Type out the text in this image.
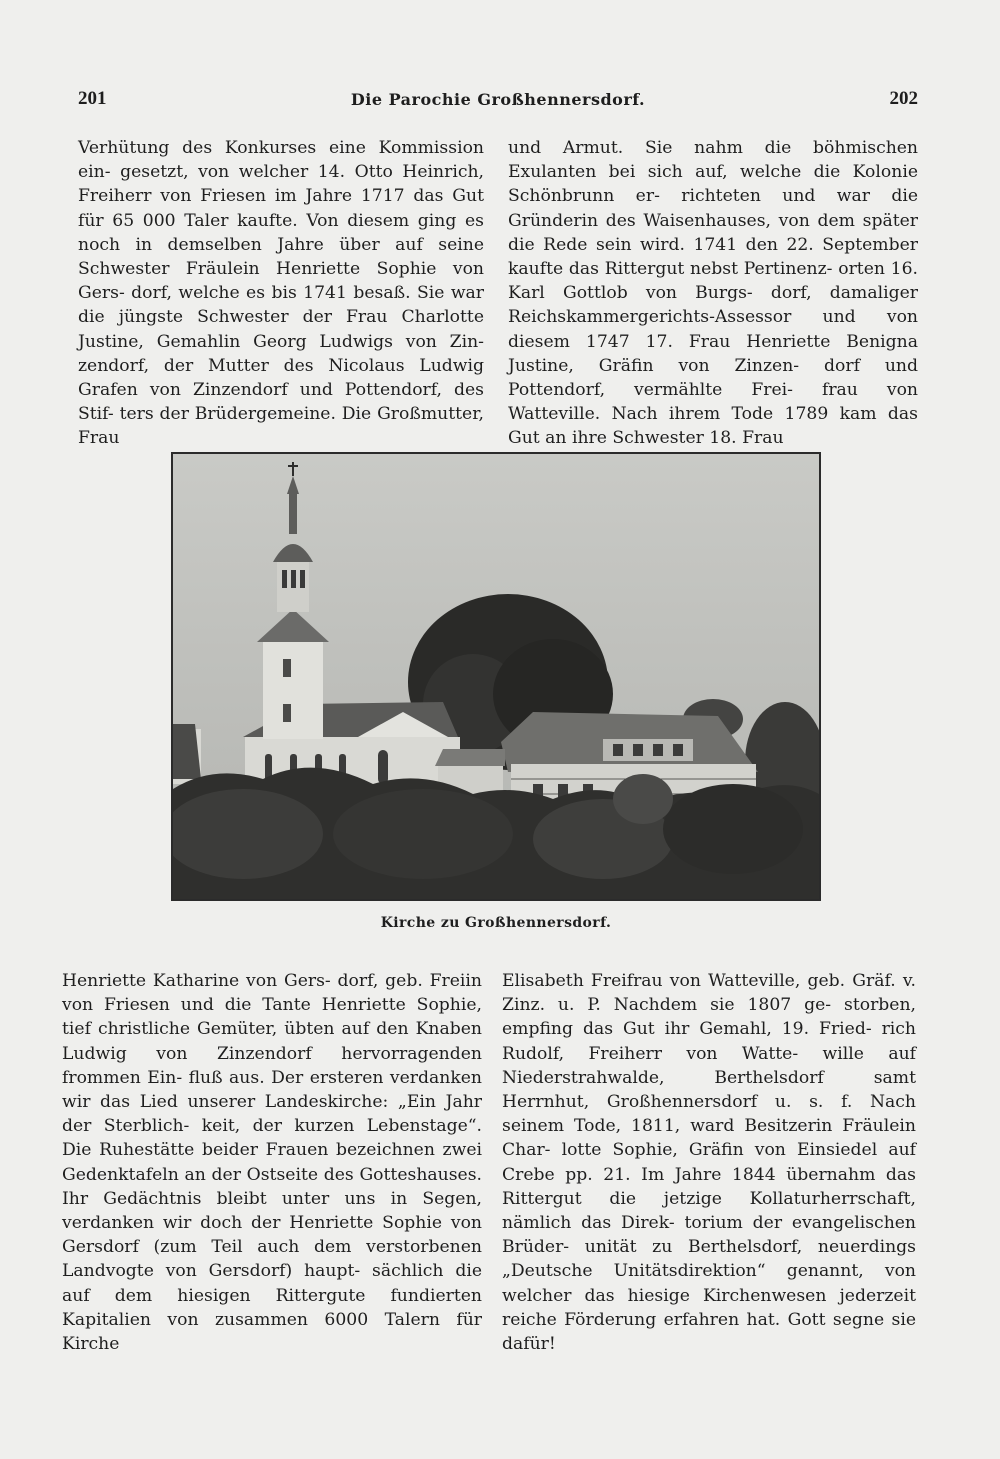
201	Die Parochie Großhennersdorf.	202

Verhütung des Konkurses eine Kommission ein- gesetzt, von welcher 14. Otto Heinrich, Freiherr von Friesen im Jahre 1717 das Gut für 65 000 Taler kaufte. Von diesem ging es noch in demselben Jahre über auf seine Schwester Fräulein Henriette Sophie von Gers- dorf, welche es bis 1741 besaß. Sie war die jüngste Schwester der Frau Charlotte Justine, Gemahlin Georg Ludwigs von Zin- zendorf, der Mutter des Nicolaus Ludwig Grafen von Zinzendorf und Pottendorf, des Stif- ters der Brüdergemeine. Die Großmutter, Frau

und Armut. Sie nahm die böhmischen Exulanten bei sich auf, welche die Kolonie Schönbrunn er- richteten und war die Gründerin des Waisenhauses, von dem später die Rede sein wird. 1741 den 22. September kaufte das Rittergut nebst Pertinenz- orten 16. Karl Gottlob von Burgs- dorf, damaliger Reichskammergerichts-Assessor und von diesem 1747 17. Frau Henriette Benigna Justine, Gräfin von Zinzen- dorf und Pottendorf, vermählte Frei- frau von Watteville. Nach ihrem Tode 1789 kam das Gut an ihre Schwester 18. Frau

Kirche zu Großhennersdorf.

Henriette Katharine von Gers- dorf, geb. Freiin von Friesen und die Tante Henriette Sophie, tief christliche Gemüter, übten auf den Knaben Ludwig von Zinzendorf hervorragenden frommen Ein- fluß aus. Der ersteren verdanken wir das Lied unserer Landeskirche: „Ein Jahr der Sterblich- keit, der kurzen Lebenstage“. Die Ruhestätte beider Frauen bezeichnen zwei Gedenktafeln an der Ostseite des Gotteshauses. Ihr Gedächtnis bleibt unter uns in Segen, verdanken wir doch der Henriette Sophie von Gersdorf (zum Teil auch dem verstorbenen Landvogte von Gersdorf) haupt- sächlich die auf dem hiesigen Rittergute fundierten Kapitalien von zusammen 6000 Talern für Kirche

Elisabeth Freifrau von Watteville, geb. Gräf. v. Zinz. u. P. Nachdem sie 1807 ge- storben, empfing das Gut ihr Gemahl, 19. Fried- rich Rudolf, Freiherr von Watte- wille auf Niederstrahwalde, Berthelsdorf samt Herrnhut, Großhennersdorf u. s. f. Nach seinem Tode, 1811, ward Besitzerin Fräulein Char- lotte Sophie, Gräfin von Einsiedel auf Crebe pp. 21. Im Jahre 1844 übernahm das Rittergut die jetzige Kollaturherrschaft, nämlich das Direk- torium der evangelischen Brüder- unität zu Berthelsdorf, neuerdings „Deutsche Unitätsdirektion“ genannt, von welcher das hiesige Kirchenwesen jederzeit reiche Förderung erfahren hat. Gott segne sie dafür!
